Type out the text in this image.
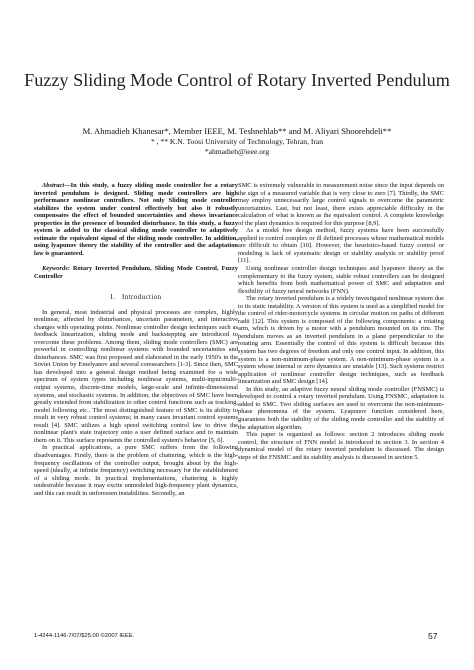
Fuzzy Sliding Mode Control of Rotary Inverted Pendulum
M. Ahmadieh Khanesar*, Member IEEE, M. Teshnehlab** and M. Aliyari Shoorehdeli**
* , ** K.N. Toosi University of Technology, Tehran, Iran
*ahmadieh@ieee.org

Abstract—In this study, a fuzzy sliding mode controller for a rotary inverted pendulum is designed. Sliding mode controllers are high performance nonlinear controllers. Not only Sliding mode controller stabilizes the system under control effectively but also it robustly compensates the effect of bounded uncertainties and shows invariance properties in the presence of bounded disturbance. In this study, a fuzzy system is added to the classical sliding mode controller to adaptively estimate the equivalent signal of the sliding mode controller. In addition, using lyapunov theory the stability of the controller and the adaptation law is guaranteed.

Keywords: Rotary Inverted Pendulum, Sliding Mode Control, Fuzzy Controller

I. Introduction

In general, most industrial and physical processes are complex, highly nonlinear, affected by disturbances, uncertain parameters, and interactive changes with operating points. Nonlinear controller design techniques such as feedback linearization, sliding mode and backstepping are introduced to overcome these problems. Among them, sliding mode controllers (SMC) are powerful in controlling nonlinear systems with bounded uncertainties and disturbances. SMC was first proposed and elaborated in the early 1950's in the Soviet Union by Emelyanov and several coresearchers [1-3]. Since then, SMC has developed into a general design method being examined for a wide spectrum of system types including nonlinear systems, multi-input/multi-output systems, discrete-time models, large-scale and infinite-dimensional systems, and stochastic systems. In addition, the objectives of SMC have been greatly extended from stabilization to other control functions such as tracking, model following etc.. The most distinguished feature of SMC is its ability to result in very robust control systems; in many cases invariant control systems result [4]. SMC utilizes a high speed switching control law to drive the nonlinear plant's state trajectory onto a user defined surface and to maintain them on it. This surface represents the controlled system's behavior [5, 6].

In practical applications, a pure SMC suffers from the following disadvantages. Firstly, there is the problem of chattering, which is the high-frequency oscillations of the controller output, brought about by the high-speed (ideally, at infinite frequency) switching necessary for the establishment of a sliding mode. In practical implementations, chattering is highly undesirable because it may excite unmodeled high-frequency plant dynamics, and this can result in unforeseen instabilities. Secondly, an

SMC is extremely vulnerable to measurement noise since the input depends on the sign of a measured variable that is very close to zero [7]. Thirdly, the SMC may employ unnecessarily large control signals to overcome the parametric uncertainties. Last, but not least, there exists appreciable difficulty in the calculation of what is known as the equivalent control. A complete knowledge of the plant dynamics is required for this purpose [8,9].

As a model free design method, fuzzy systems have been successfully applied to control complex or ill defined processes whose mathematical models are difficult to obtain [10]. However, the heuristics-based fuzzy control or modeling is lack of systematic design or stability analysis or stability proof [11].

Using nonlinear controller design techniques and lyapunov theory as the complementary to the fuzzy system, stable robust controllers can be designed which benefits from both mathematical power of SMC and adaptation and flexibility of fuzzy neural networks (FNN).

The rotary inverted pendulum is a widely investigated nonlinear system due to its static instability. A version of this system is used as a simplified model for the control of rider-motorcycle systems in circular motion on paths of different radii [12]. This system is composed of the following components: a rotating arm, which is driven by a motor with a pendulum mounted on its rim. The pendulum moves as an inverted pendulum in a plane perpendicular to the rotating arm. Essentially the control of this system is difficult because this system has two degrees of freedom and only one control input. In addition, this system is a non-minimum-phase system. A non-minimum-phase system is a system whose internal or zero dynamics are unstable [13]. Such systems restrict application of nonlinear controller design techniques, such as feedback linearization and SMC design [14].

In this study, an adaptive fuzzy neural sliding mode controller (FNSMC) is developed to control a rotary inverted pendulum. Using FNSMC, adaptation is added to SMC. Two sliding surfaces are used to overcome the non-minimum-phase phenomena of the system. Lyapunov function considered here, guarantees both the stability of the sliding mode controller and the stability of the adaptation algorithm.

This paper is organized as follows: section 2 introduces sliding mode control, the structure of FNN model is introduced in section 3. In section 4 dynamical model of the rotary inverted pendulum is discussed. The design steps of the FNSMC and its stability analysis is discussed in section 5.

1-4244-1146-7/07/$25.00 ©2007 IEEE.	57
